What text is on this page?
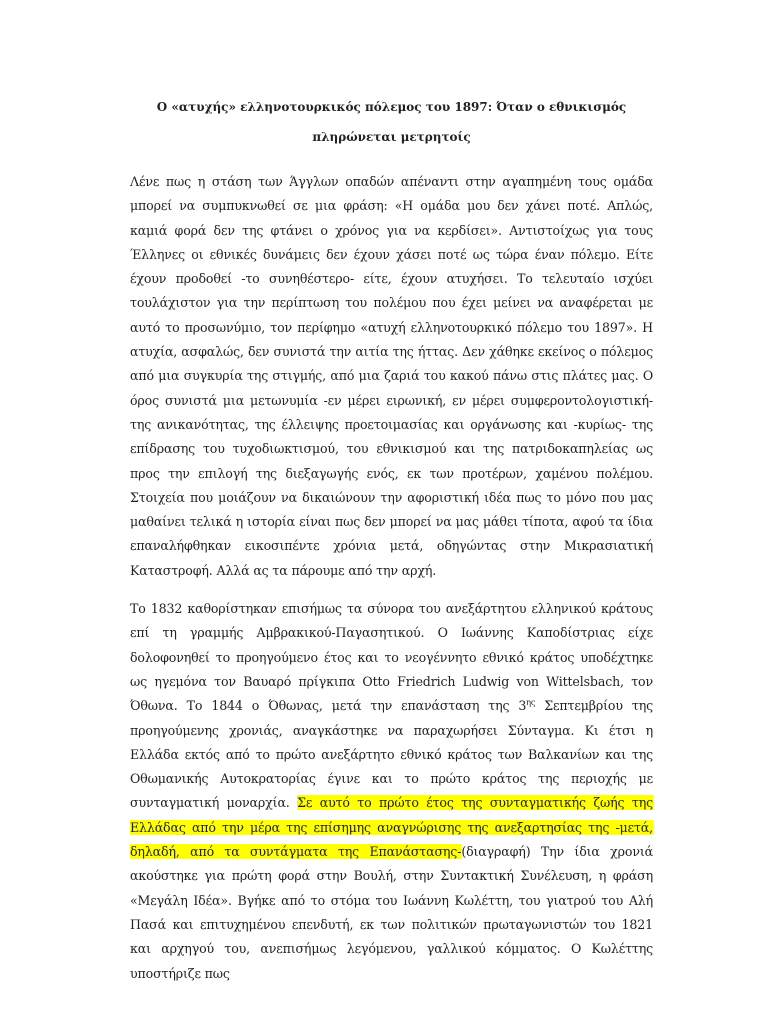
Ο «ατυχής» ελληνοτουρκικός πόλεμος του 1897: Όταν ο εθνικισμός
πληρώνεται μετρητοίς

Λένε πως η στάση των Άγγλων οπαδών απέναντι στην αγαπημένη τους ομάδα μπορεί να συμπυκνωθεί σε μια φράση: «Η ομάδα μου δεν χάνει ποτέ. Απλώς, καμιά φορά δεν της φτάνει ο χρόνος για να κερδίσει». Αντιστοίχως για τους Έλληνες οι εθνικές δυνάμεις δεν έχουν χάσει ποτέ ως τώρα έναν πόλεμο. Είτε έχουν προδοθεί -το συνηθέστερο- είτε, έχουν ατυχήσει. Το τελευταίο ισχύει τουλάχιστον για την περίπτωση του πολέμου που έχει μείνει να αναφέρεται με αυτό το προσωνύμιο, τον περίφημο «ατυχή ελληνοτουρκικό πόλεμο του 1897». Η ατυχία, ασφαλώς, δεν συνιστά την αιτία της ήττας. Δεν χάθηκε εκείνος ο πόλεμος από μια συγκυρία της στιγμής, από μια ζαριά του κακού πάνω στις πλάτες μας. Ο όρος συνιστά μια μετωνυμία -εν μέρει ειρωνική, εν μέρει συμφεροντολογιστική- της ανικανότητας, της έλλειψης προετοιμασίας και οργάνωσης και -κυρίως- της επίδρασης του τυχοδιωκτισμού, του εθνικισμού και της πατριδοκαπηλείας ως προς την επιλογή της διεξαγωγής ενός, εκ των προτέρων, χαμένου πολέμου. Στοιχεία που μοιάζουν να δικαιώνουν την αφοριστική ιδέα πως το μόνο που μας μαθαίνει τελικά η ιστορία είναι πως δεν μπορεί να μας μάθει τίποτα, αφού τα ίδια επαναλήφθηκαν εικοσιπέντε χρόνια μετά, οδηγώντας στην Μικρασιατική Καταστροφή. Αλλά ας τα πάρουμε από την αρχή.

Το 1832 καθορίστηκαν επισήμως τα σύνορα του ανεξάρτητου ελληνικού κράτους επί τη γραμμής Αμβρακικού-Παγασητικού. Ο Ιωάννης Καποδίστριας είχε δολοφονηθεί το προηγούμενο έτος και το νεογέννητο εθνικό κράτος υποδέχτηκε ως ηγεμόνα τον Βαυαρό πρίγκιπα Otto Friedrich Ludwig von Wittelsbach, τον Όθωνα. Το 1844 ο Όθωνας, μετά την επανάσταση της $3^{\eta\varsigma}$ Σεπτεμβρίου της προηγούμενης χρονιάς, αναγκάστηκε να παραχωρήσει Σύνταγμα. Κι έτσι η Ελλάδα εκτός από το πρώτο ανεξάρτητο εθνικό κράτος των Βαλκανίων και της Οθωμανικής Αυτοκρατορίας έγινε και το πρώτο κράτος της περιοχής με συνταγματική μοναρχία. Σε αυτό το πρώτο έτος της συνταγματικής ζωής της Ελλάδας από την μέρα της επίσημης αναγνώρισης της ανεξαρτησίας της -μετά, δηλαδή, από τα συντάγματα της Επανάστασης-(διαγραφή) Την ίδια χρονιά ακούστηκε για πρώτη φορά στην Βουλή, στην Συντακτική Συνέλευση, η φράση «Μεγάλη Ιδέα». Βγήκε από το στόμα του Ιωάννη Κωλέττη, του γιατρού του Αλή Πασά και επιτυχημένου επενδυτή, εκ των πολιτικών πρωταγωνιστών του 1821 και αρχηγού του, ανεπισήμως λεγόμενου, γαλλικού κόμματος. Ο Κωλέττης υποστήριζε πως
